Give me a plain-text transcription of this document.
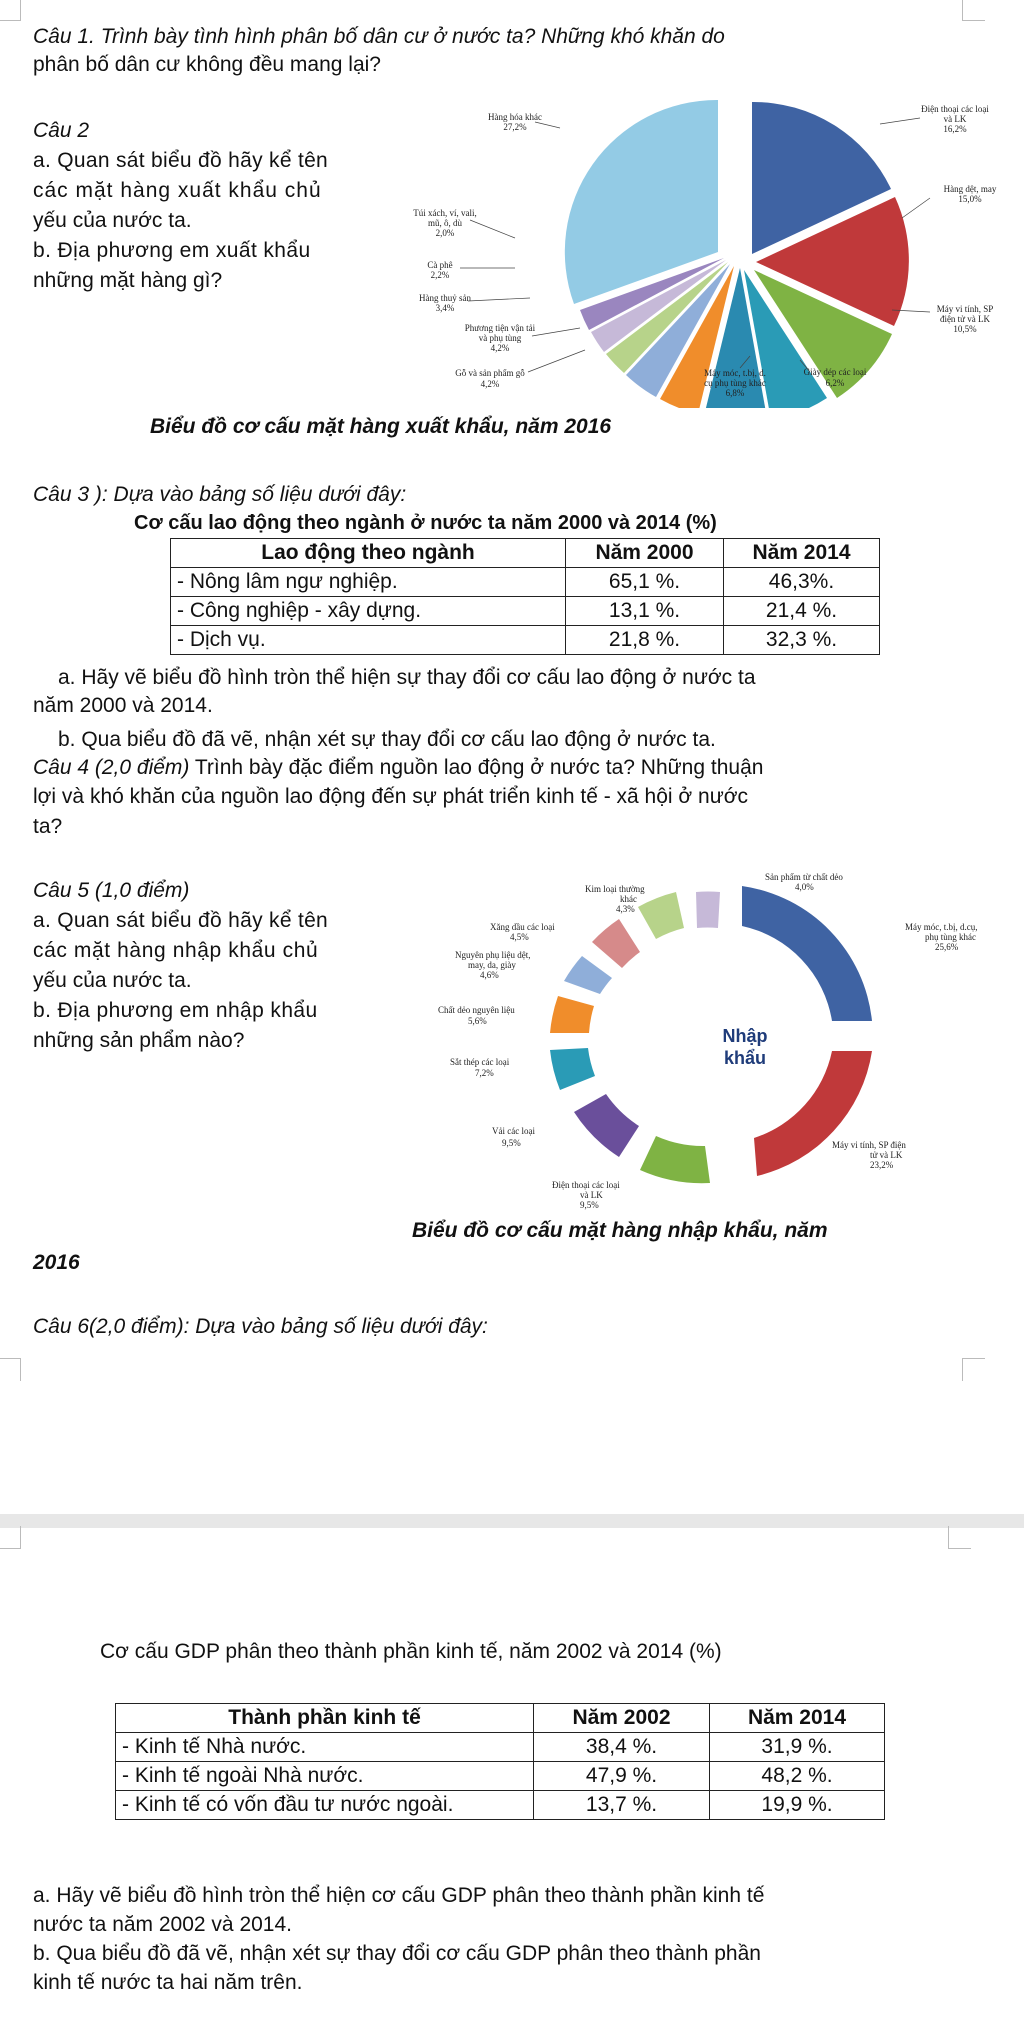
Câu 1. Trình bày tình hình phân bố dân cư ở nước ta? Những khó khăn do
phân bố dân cư không đều mang lại?
Câu 2
a. Quan sát biểu đồ hãy kể tên
các mặt hàng xuất khẩu chủ
yếu của nước ta.
b. Địa phương em xuất khẩu
những mặt hàng gì?
Điện thoại các loại
và LK
16,2%
Hàng dệt, may
15,0%
Máy vi tính, SP
điện tử và LK
10,5%
Giày dép các loại
6,2%
Máy móc, t.bị, d.
cụ phụ tùng khác
6,8%
Gỗ và sản phẩm gỗ
4,2%
Phương tiện vận tải
và phụ tùng
4,2%
Hàng thuỷ sản
3,4%
Cà phê
2,2%
Túi xách, ví, vali,
mũ, ô, dù
2,0%
Hàng hóa khác
27,2%
Biểu đồ cơ cấu mặt hàng xuất khẩu, năm 2016
Câu 3 ): Dựa vào bảng số liệu dưới đây:
Cơ cấu lao động theo ngành ở nước ta năm 2000 và 2014 (%)
Lao động theo ngành	Năm 2000	Năm 2014
- Nông lâm ngư nghiệp.	65,1 %.	46,3%.
- Công nghiệp - xây dựng.	13,1 %.	21,4 %.
- Dịch vụ.	21,8 %.	32,3 %.
a. Hãy vẽ biểu đồ hình tròn thể hiện sự thay đổi cơ cấu lao động ở nước ta
năm 2000 và 2014.
b. Qua biểu đồ đã vẽ, nhận xét sự thay đổi cơ cấu lao động ở nước ta.
Câu 4 (2,0 điểm) Trình bày đặc điểm nguồn lao động ở nước ta? Những thuận
lợi và khó khăn của nguồn lao động đến sự phát triển kinh tế - xã hội ở nước
ta?
Câu 5 (1,0 điểm)
a. Quan sát biểu đồ hãy kể tên
các mặt hàng nhập khẩu chủ
yếu của nước ta.
b. Địa phương em nhập khẩu
những sản phẩm nào?	Nhập
khẩu
Sản phẩm từ chất dẻo
4,0%
Máy móc, t.bị, d.cụ,
phụ tùng khác
25,6%
Máy vi tính, SP điện
tử và LK
23,2%
Điện thoại các loại
và LK
9,5%
Vải các loại
9,5%
Sắt thép các loại
7,2%
Chất dẻo nguyên liệu
5,6%
Nguyên phụ liệu dệt,
may, da, giày
4,6%
Xăng dầu các loại
4,5%
Kim loại thường
khác
4,3%
Biểu đồ cơ cấu mặt hàng nhập khẩu, năm
2016
Câu 6(2,0 điểm): Dựa vào bảng số liệu dưới đây:
Cơ cấu GDP phân theo thành phần kinh tế, năm 2002 và 2014 (%)
Thành phần kinh tế	Năm 2002	Năm 2014
- Kinh tế Nhà nước.	38,4 %.	31,9 %.
- Kinh tế ngoài Nhà nước.	47,9 %.	48,2 %.
- Kinh tế có vốn đầu tư nước ngoài.	13,7 %.	19,9 %.
a. Hãy vẽ biểu đồ hình tròn thể hiện cơ cấu GDP phân theo thành phần kinh tế
nước ta năm 2002 và 2014.
b. Qua biểu đồ đã vẽ, nhận xét sự thay đổi cơ cấu GDP phân theo thành phần
kinh tế nước ta hai năm trên.
